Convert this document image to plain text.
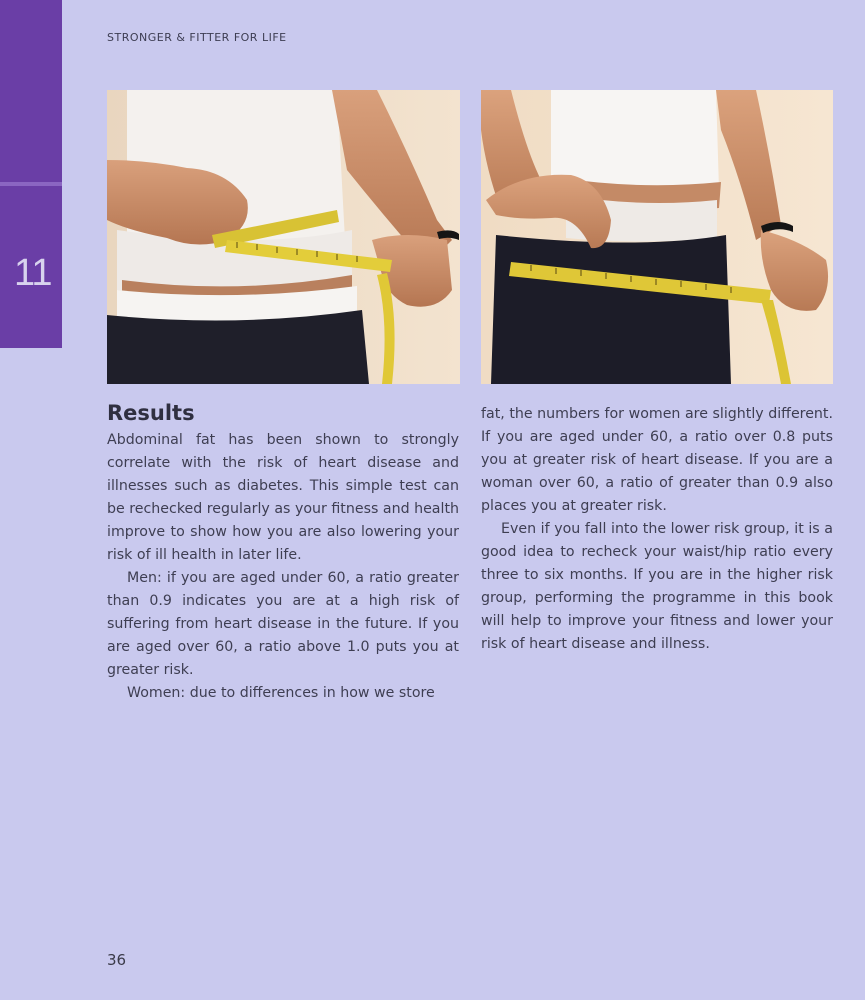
11
STRONGER & FITTER FOR LIFE
Results

Abdominal fat has been shown to strongly correlate with the risk of heart disease and illnesses such as diabetes. This simple test can be rechecked regularly as your fitness and health improve to show how you are also lowering your risk of ill health in later life.

Men: if you are aged under 60, a ratio greater than 0.9 indicates you are at a high risk of suffering from heart disease in the future. If you are aged over 60, a ratio above 1.0 puts you at greater risk.

Women: due to differences in how we store

fat, the numbers for women are slightly different. If you are aged under 60, a ratio over 0.8 puts you at greater risk of heart disease. If you are a woman over 60, a ratio of greater than 0.9 also places you at greater risk.

Even if you fall into the lower risk group, it is a good idea to recheck your waist/hip ratio every three to six months. If you are in the higher risk group, performing the programme in this book will help to improve your fitness and lower your risk of heart disease and illness.

36
